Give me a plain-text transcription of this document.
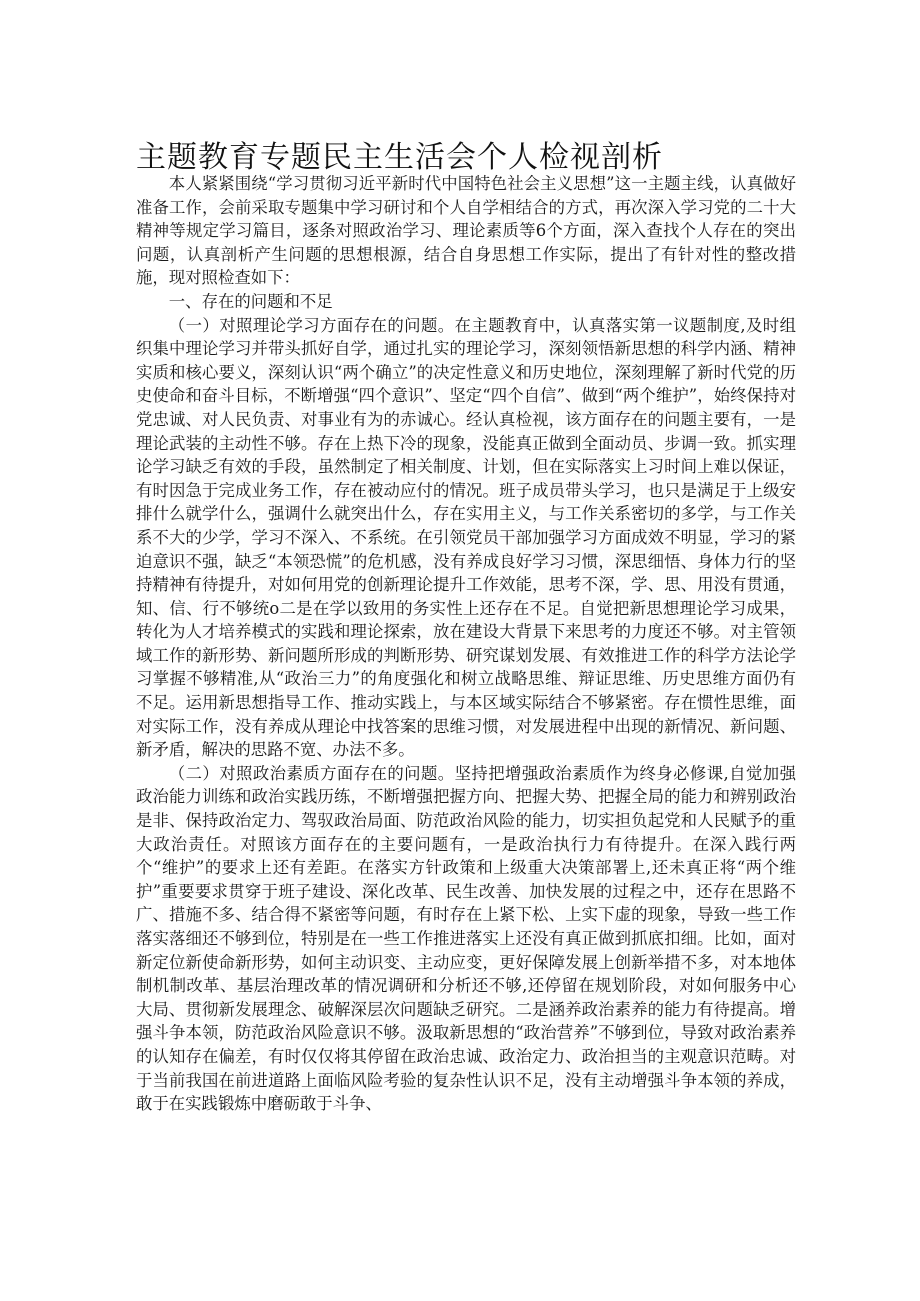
主题教育专题民主生活会个人检视剖析

本人紧紧围绕“学习贯彻习近平新时代中国特色社会主义思想”这一主题主线，认真做好准备工作，会前采取专题集中学习研讨和个人自学相结合的方式，再次深入学习党的二十大精神等规定学习篇目，逐条对照政治学习、理论素质等6个方面，深入查找个人存在的突出问题，认真剖析产生问题的思想根源，结合自身思想工作实际，提出了有针对性的整改措施，现对照检查如下：

一、存在的问题和不足

（一）对照理论学习方面存在的问题。在主题教育中，认真落实第一议题制度,及时组织集中理论学习并带头抓好自学，通过扎实的理论学习，深刻领悟新思想的科学内涵、精神实质和核心要义，深刻认识“两个确立”的决定性意义和历史地位，深刻理解了新时代党的历史使命和奋斗目标，不断增强“四个意识”、坚定“四个自信”、做到“两个维护”，始终保持对党忠诚、对人民负责、对事业有为的赤诚心。经认真检视，该方面存在的问题主要有，一是理论武装的主动性不够。存在上热下冷的现象，没能真正做到全面动员、步调一致。抓实理论学习缺乏有效的手段，虽然制定了相关制度、计划，但在实际落实上习时间上难以保证，有时因急于完成业务工作，存在被动应付的情况。班子成员带头学习，也只是满足于上级安排什么就学什么，强调什么就突出什么，存在实用主义，与工作关系密切的多学，与工作关系不大的少学，学习不深入、不系统。在引领党员干部加强学习方面成效不明显，学习的紧迫意识不强，缺乏“本领恐慌”的危机感，没有养成良好学习习惯，深思细悟、身体力行的坚持精神有待提升，对如何用党的创新理论提升工作效能，思考不深，学、思、用没有贯通，知、信、行不够统o二是在学以致用的务实性上还存在不足。自觉把新思想理论学习成果，转化为人才培养模式的实践和理论探索，放在建设大背景下来思考的力度还不够。对主管领域工作的新形势、新问题所形成的判断形势、研究谋划发展、有效推进工作的科学方法论学习掌握不够精准,从“政治三力”的角度强化和树立战略思维、辩证思维、历史思维方面仍有不足。运用新思想指导工作、推动实践上，与本区域实际结合不够紧密。存在惯性思维，面对实际工作，没有养成从理论中找答案的思维习惯，对发展进程中出现的新情况、新问题、新矛盾，解决的思路不宽、办法不多。

（二）对照政治素质方面存在的问题。坚持把增强政治素质作为终身必修课,自觉加强政治能力训练和政治实践历练，不断增强把握方向、把握大势、把握全局的能力和辨别政治是非、保持政治定力、驾驭政治局面、防范政治风险的能力，切实担负起党和人民赋予的重大政治责任。对照该方面存在的主要问题有，一是政治执行力有待提升。在深入践行两个“维护”的要求上还有差距。在落实方针政策和上级重大决策部署上,还未真正将“两个维护”重要要求贯穿于班子建设、深化改革、民生改善、加快发展的过程之中，还存在思路不广、措施不多、结合得不紧密等问题，有时存在上紧下松、上实下虚的现象，导致一些工作落实落细还不够到位，特别是在一些工作推进落实上还没有真正做到抓底扣细。比如，面对新定位新使命新形势，如何主动识变、主动应变，更好保障发展上创新举措不多，对本地体制机制改革、基层治理改革的情况调研和分析还不够,还停留在规划阶段，对如何服务中心大局、贯彻新发展理念、破解深层次问题缺乏研究。二是涵养政治素养的能力有待提高。增强斗争本领，防范政治风险意识不够。汲取新思想的“政治营养”不够到位，导致对政治素养的认知存在偏差，有时仅仅将其停留在政治忠诚、政治定力、政治担当的主观意识范畴。对于当前我国在前进道路上面临风险考验的复杂性认识不足，没有主动增强斗争本领的养成，敢于在实践锻炼中磨砺敢于斗争、
